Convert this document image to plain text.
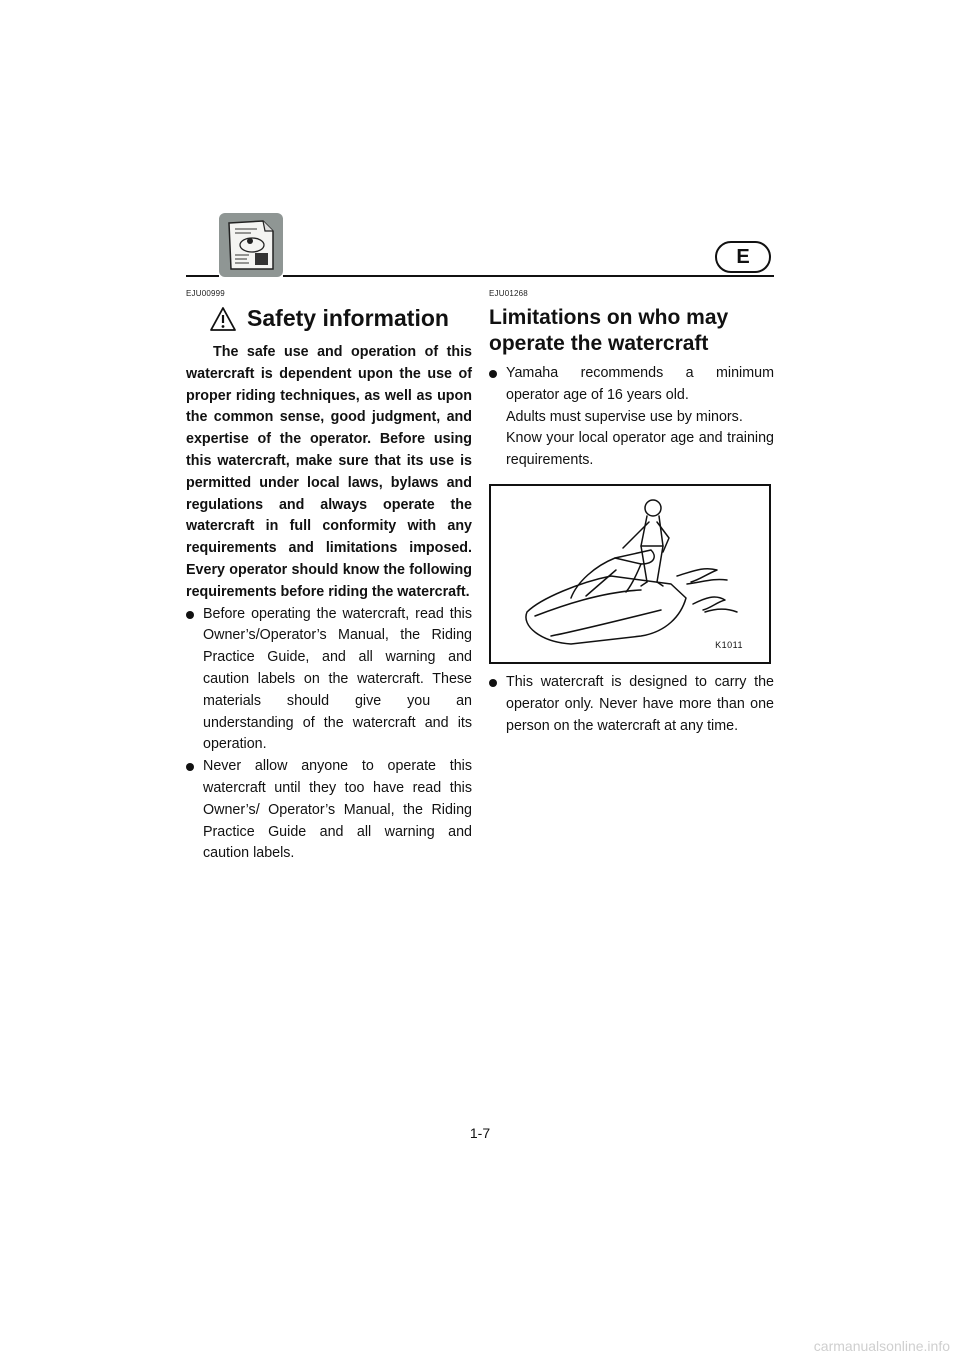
E
EJU00999
Safety information

The safe use and operation of this watercraft is dependent upon the use of proper riding techniques, as well as upon the common sense, good judgment, and expertise of the operator. Before using this watercraft, make sure that its use is permitted under local laws, bylaws and regulations and always operate the watercraft in full conformity with any requirements and limitations imposed. Every operator should know the following requirements before riding the watercraft.

Before operating the watercraft, read this Owner’s/Operator’s Manual, the Riding Practice Guide, and all warning and caution labels on the watercraft. These materials should give you an understanding of the watercraft and its operation.
Never allow anyone to operate this watercraft until they too have read this Owner’s/ Operator’s Manual, the Riding Practice Guide and all warning and caution labels.
EJU01268
Limitations on who may
operate the watercraft
Yamaha recommends a minimum operator age of 16 years old.
Adults must supervise use by minors.
Know your local operator age and training requirements.
K1011
This watercraft is designed to carry the operator only. Never have more than one person on the watercraft at any time.
1-7
carmanualsonline.info
